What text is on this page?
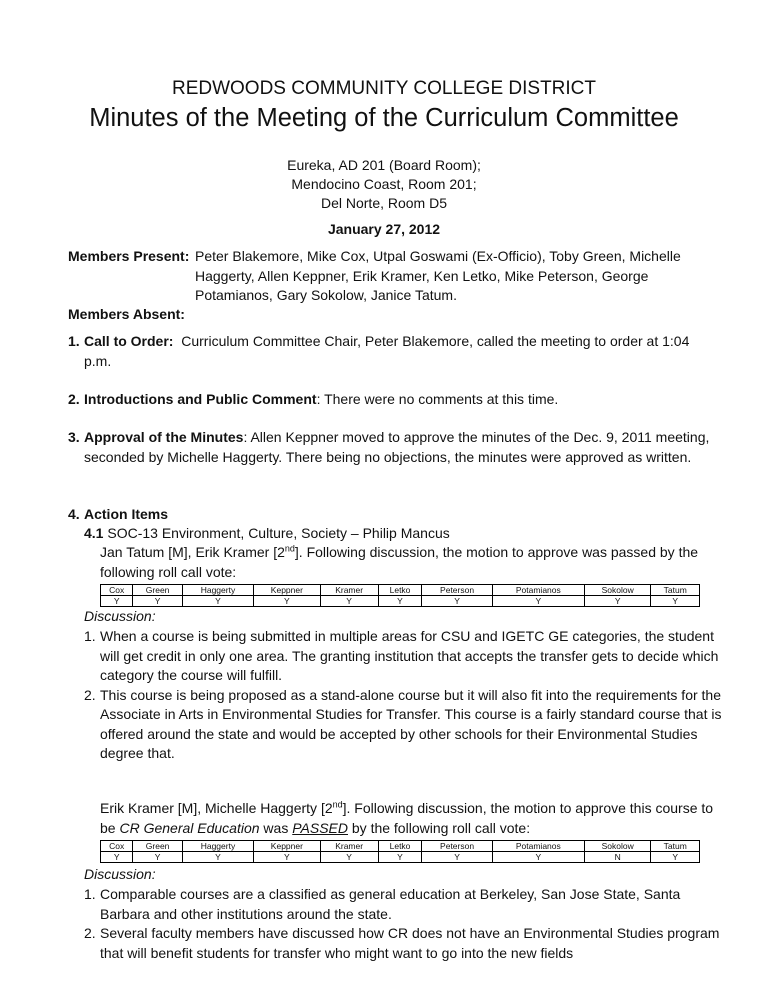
REDWOODS COMMUNITY COLLEGE DISTRICT
Minutes of the Meeting of the Curriculum Committee
Eureka, AD 201 (Board Room);
Mendocino Coast, Room 201;
Del Norte, Room D5
January 27, 2012
Members Present: Peter Blakemore, Mike Cox, Utpal Goswami (Ex-Officio), Toby Green, Michelle Haggerty, Allen Keppner, Erik Kramer, Ken Letko, Mike Peterson, George Potamianos, Gary Sokolow, Janice Tatum.
Members Absent:
1. Call to Order: Curriculum Committee Chair, Peter Blakemore, called the meeting to order at 1:04 p.m.
2. Introductions and Public Comment: There were no comments at this time.
3. Approval of the Minutes: Allen Keppner moved to approve the minutes of the Dec. 9, 2011 meeting, seconded by Michelle Haggerty. There being no objections, the minutes were approved as written.
4. Action Items
4.1 SOC-13 Environment, Culture, Society – Philip Mancus
Jan Tatum [M], Erik Kramer [2nd]. Following discussion, the motion to approve was passed by the following roll call vote:
Cox	Green	Haggerty	Keppner	Kramer	Letko	Peterson	Potamianos	Sokolow	Tatum
Y	Y	Y	Y	Y	Y	Y	Y	Y	Y
Discussion:
1. When a course is being submitted in multiple areas for CSU and IGETC GE categories, the student will get credit in only one area. The granting institution that accepts the transfer gets to decide which category the course will fulfill.
2. This course is being proposed as a stand-alone course but it will also fit into the requirements for the Associate in Arts in Environmental Studies for Transfer. This course is a fairly standard course that is offered around the state and would be accepted by other schools for their Environmental Studies degree that.
Erik Kramer [M], Michelle Haggerty [2nd]. Following discussion, the motion to approve this course to be CR General Education was PASSED by the following roll call vote:
Cox	Green	Haggerty	Keppner	Kramer	Letko	Peterson	Potamianos	Sokolow	Tatum
Y	Y	Y	Y	Y	Y	Y	Y	N	Y
Discussion:
1. Comparable courses are a classified as general education at Berkeley, San Jose State, Santa Barbara and other institutions around the state.
2. Several faculty members have discussed how CR does not have an Environmental Studies program that will benefit students for transfer who might want to go into the new fields
